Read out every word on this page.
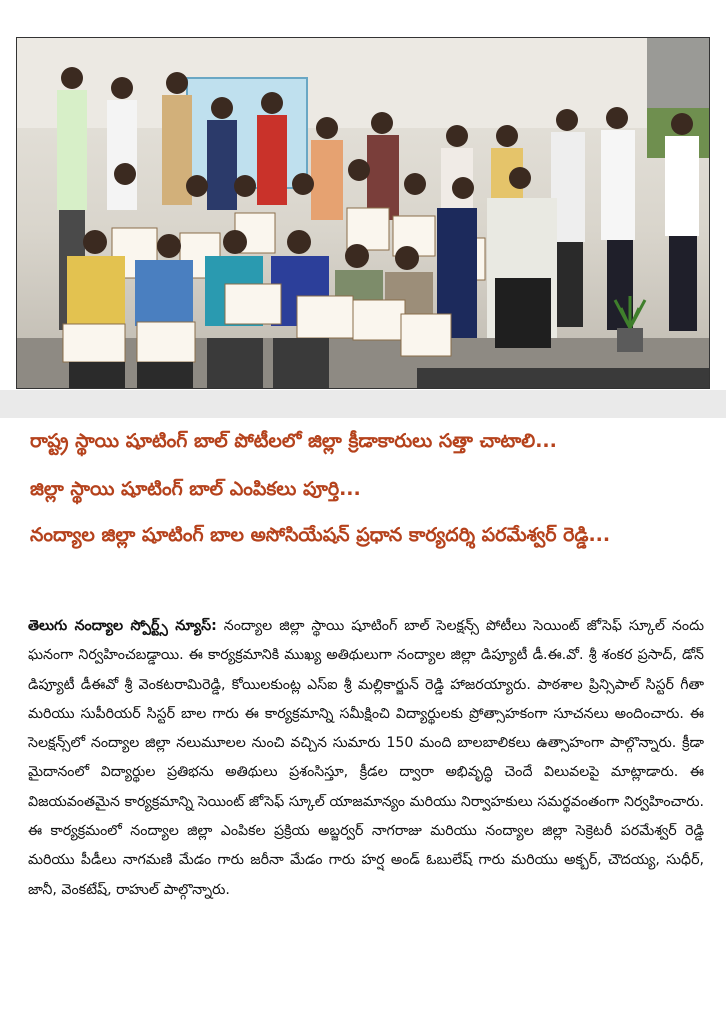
రాష్ట్ర స్థాయి షూటింగ్ బాల్ పోటీలలో జిల్లా క్రీడాకారులు సత్తా చాటాలి...
జిల్లా స్థాయి షూటింగ్ బాల్ ఎంపికలు పూర్తి...
నంద్యాల జిల్లా షూటింగ్ బాల అసోసియేషన్ ప్రధాన కార్యదర్శి పరమేశ్వర్ రెడ్డి...
తెలుగు నంద్యాల స్పోర్ట్స్ న్యూస్: నంద్యాల జిల్లా స్థాయి షూటింగ్ బాల్ సెలక్షన్స్ పోటీలు సెయింట్ జోసెఫ్ స్కూల్ నందు ఘనంగా నిర్వహించబడ్డాయి. ఈ కార్యక్రమానికి ముఖ్య అతిథులుగా నంద్యాల జిల్లా డిప్యూటీ డీ.ఈ.వో. శ్రీ శంకర ప్రసాద్, డోన్ డిప్యూటీ డీఈవో శ్రీ వెంకటరామిరెడ్డి, కోయిలకుంట్ల ఎస్ఐ శ్రీ మల్లికార్జున్ రెడ్డి హాజరయ్యారు. పాఠశాల ప్రిన్సిపాల్ సిస్టర్ గీతా మరియు సుపీరియర్ సిస్టర్ బాల గారు ఈ కార్యక్రమాన్ని సమీక్షించి విద్యార్థులకు ప్రోత్సాహకంగా సూచనలు అందించారు. ఈ సెలక్షన్స్‌లో నంద్యాల జిల్లా నలుమూలల నుంచి వచ్చిన సుమారు 150 మంది బాలబాలికలు ఉత్సాహంగా పాల్గొన్నారు. క్రీడా మైదానంలో విద్యార్థుల ప్రతిభను అతిథులు ప్రశంసిస్తూ, క్రీడల ద్వారా అభివృద్ధి చెందే విలువలపై మాట్లాడారు. ఈ విజయవంతమైన కార్యక్రమాన్ని సెయింట్ జోసెఫ్ స్కూల్ యాజమాన్యం మరియు నిర్వాహకులు సమర్థవంతంగా నిర్వహించారు. ఈ కార్యక్రమంలో నంద్యాల జిల్లా ఎంపికల ప్రక్రియ అబ్జర్వర్ నాగరాజు మరియు నంద్యాల జిల్లా సెక్రెటరీ పరమేశ్వర్ రెడ్డి మరియు పీడీలు నాగమణి మేడం గారు జరీనా మేడం గారు హర్ష అండ్ ఓబులేష్ గారు మరియు అక్బర్, చౌదయ్య, సుధీర్, జానీ, వెంకటేష్, రాహుల్ పాల్గొన్నారు.
